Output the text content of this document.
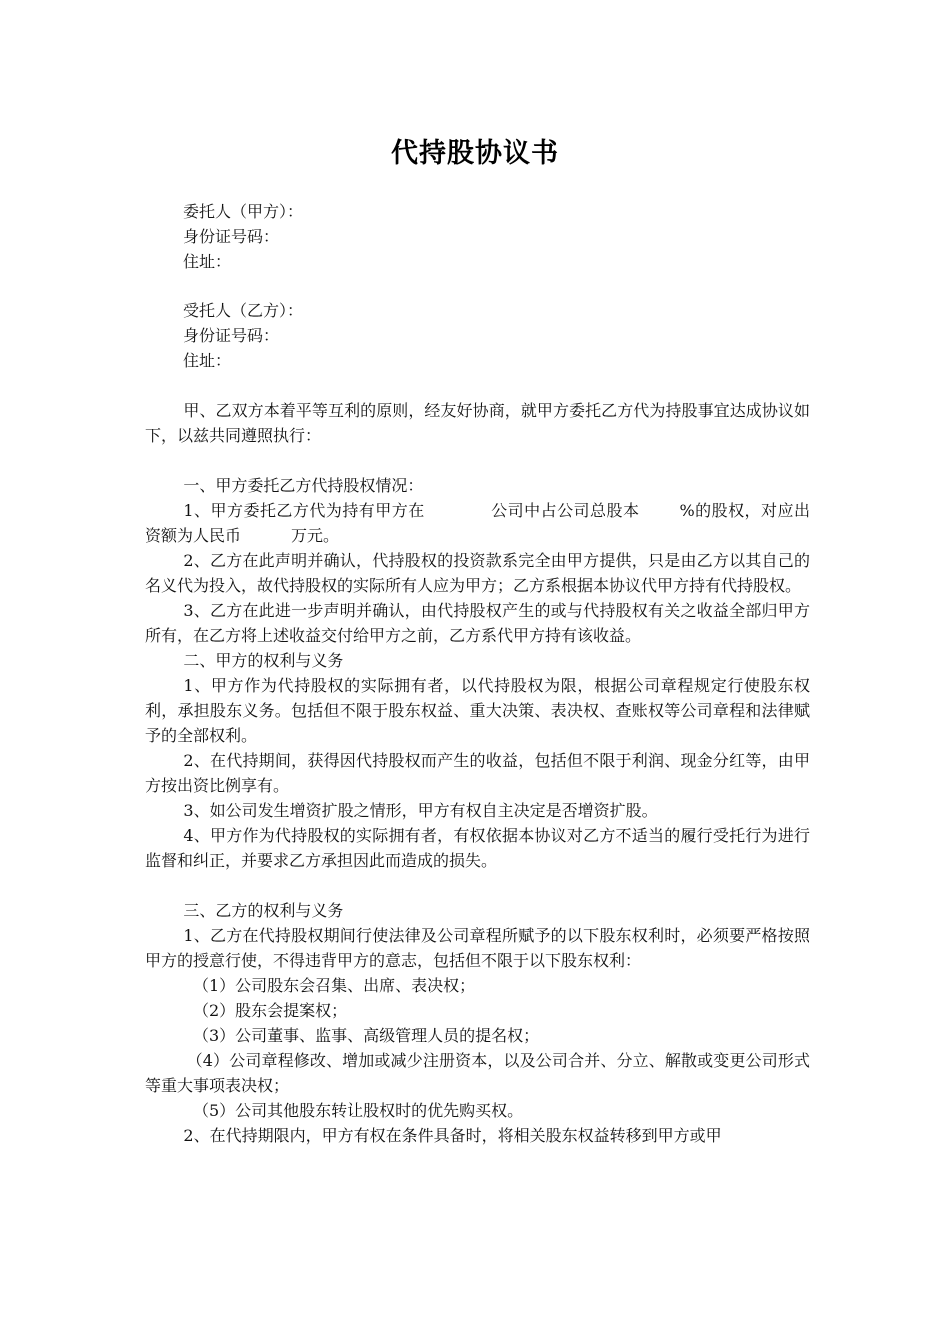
代持股协议书
委托人（甲方）：
身份证号码：
住址：
受托人（乙方）：
身份证号码：
住址：

甲、乙双方本着平等互利的原则，经友好协商，就甲方委托乙方代为持股事宜达成协议如下，以兹共同遵照执行：

一、甲方委托乙方代持股权情况：

1、甲方委托乙方代为持有甲方在	公司中占公司总股本	%的股权，对应出资额为人民币	万元。

2、乙方在此声明并确认，代持股权的投资款系完全由甲方提供，只是由乙方以其自己的名义代为投入，故代持股权的实际所有人应为甲方；乙方系根据本协议代甲方持有代持股权。

3、乙方在此进一步声明并确认，由代持股权产生的或与代持股权有关之收益全部归甲方所有，在乙方将上述收益交付给甲方之前，乙方系代甲方持有该收益。

二、甲方的权利与义务

1、甲方作为代持股权的实际拥有者，以代持股权为限，根据公司章程规定行使股东权利，承担股东义务。包括但不限于股东权益、重大决策、表决权、查账权等公司章程和法律赋予的全部权利。

2、在代持期间，获得因代持股权而产生的收益，包括但不限于利润、现金分红等，由甲方按出资比例享有。

3、如公司发生增资扩股之情形，甲方有权自主决定是否增资扩股。

4、甲方作为代持股权的实际拥有者，有权依据本协议对乙方不适当的履行受托行为进行监督和纠正，并要求乙方承担因此而造成的损失。

三、乙方的权利与义务

1、乙方在代持股权期间行使法律及公司章程所赋予的以下股东权利时，必须要严格按照甲方的授意行使，不得违背甲方的意志，包括但不限于以下股东权利：

（1）公司股东会召集、出席、表决权；

（2）股东会提案权；

（3）公司董事、监事、高级管理人员的提名权；

（4）公司章程修改、增加或减少注册资本，以及公司合并、分立、解散或变更公司形式等重大事项表决权；

（5）公司其他股东转让股权时的优先购买权。

2、在代持期限内，甲方有权在条件具备时，将相关股东权益转移到甲方或甲
